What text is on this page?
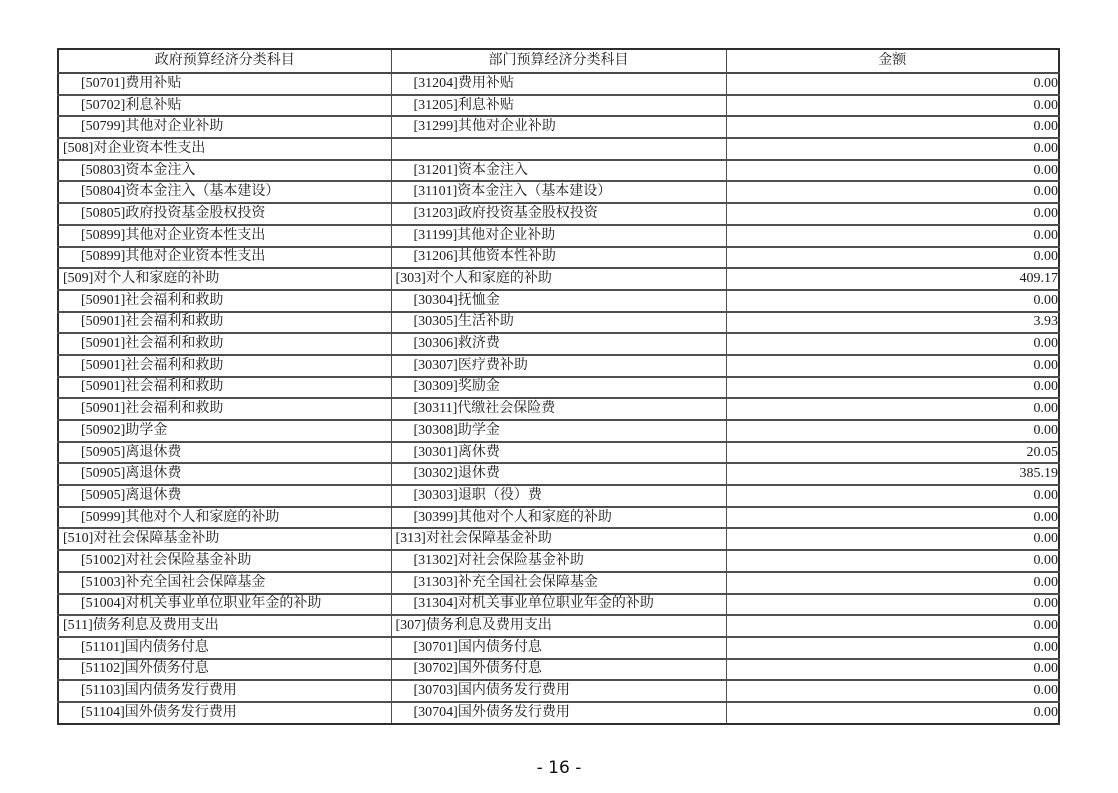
政府预算经济分类科目	部门预算经济分类科目	金额
[50701]费用补贴	[31204]费用补贴	0.00
[50702]利息补贴	[31205]利息补贴	0.00
[50799]其他对企业补助	[31299]其他对企业补助	0.00
[508]对企业资本性支出		0.00
[50803]资本金注入	[31201]资本金注入	0.00
[50804]资本金注入（基本建设）	[31101]资本金注入（基本建设）	0.00
[50805]政府投资基金股权投资	[31203]政府投资基金股权投资	0.00
[50899]其他对企业资本性支出	[31199]其他对企业补助	0.00
[50899]其他对企业资本性支出	[31206]其他资本性补助	0.00
[509]对个人和家庭的补助	[303]对个人和家庭的补助	409.17
[50901]社会福利和救助	[30304]抚恤金	0.00
[50901]社会福利和救助	[30305]生活补助	3.93
[50901]社会福利和救助	[30306]救济费	0.00
[50901]社会福利和救助	[30307]医疗费补助	0.00
[50901]社会福利和救助	[30309]奖励金	0.00
[50901]社会福利和救助	[30311]代缴社会保险费	0.00
[50902]助学金	[30308]助学金	0.00
[50905]离退休费	[30301]离休费	20.05
[50905]离退休费	[30302]退休费	385.19
[50905]离退休费	[30303]退职（役）费	0.00
[50999]其他对个人和家庭的补助	[30399]其他对个人和家庭的补助	0.00
[510]对社会保障基金补助	[313]对社会保障基金补助	0.00
[51002]对社会保险基金补助	[31302]对社会保险基金补助	0.00
[51003]补充全国社会保障基金	[31303]补充全国社会保障基金	0.00
[51004]对机关事业单位职业年金的补助	[31304]对机关事业单位职业年金的补助	0.00
[511]债务利息及费用支出	[307]债务利息及费用支出	0.00
[51101]国内债务付息	[30701]国内债务付息	0.00
[51102]国外债务付息	[30702]国外债务付息	0.00
[51103]国内债务发行费用	[30703]国内债务发行费用	0.00
[51104]国外债务发行费用	[30704]国外债务发行费用	0.00
- 16 -
